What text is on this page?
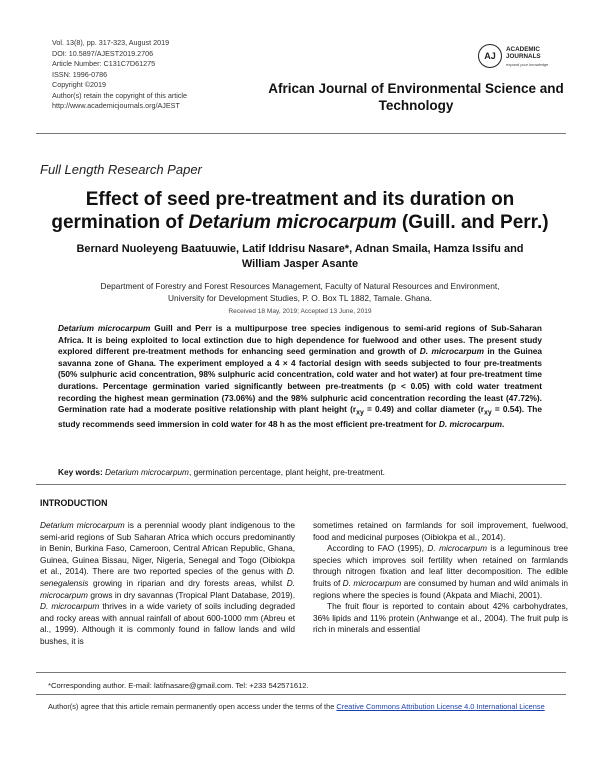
Vol. 13(8), pp. 317-323, August 2019
DOI: 10.5897/AJEST2019.2706
Article Number: C131C7D61275
ISSN: 1996-0786
Copyright ©2019
Author(s) retain the copyright of this article
http://www.academicjournals.org/AJEST
AJ
ACADEMIC
JOURNALS
expand your knowledge
African Journal of Environmental Science and
Technology
Full Length Research Paper
Effect of seed pre-treatment and its duration on
germination of Detarium microcarpum (Guill. and Perr.)
Bernard Nuoleyeng Baatuuwie, Latif Iddrisu Nasare*, Adnan Smaila, Hamza Issifu and
William Jasper Asante
Department of Forestry and Forest Resources Management, Faculty of Natural Resources and Environment,
University for Development Studies, P. O. Box TL 1882, Tamale. Ghana.
Received 18 May, 2019; Accepted 13 June, 2019
Detarium microcarpum Guill and Perr is a multipurpose tree species indigenous to semi-arid regions of Sub-Saharan Africa. It is being exploited to local extinction due to high dependence for fuelwood and other uses. The present study explored different pre-treatment methods for enhancing seed germination and growth of D. microcarpum in the Guinea savanna zone of Ghana. The experiment employed a 4 × 4 factorial design with seeds subjected to four pre-treatments (50% sulphuric acid concentration, 98% sulphuric acid concentration, cold water and hot water) at four pre-treatment time durations. Percentage germination varied significantly between pre-treatments (p < 0.05) with cold water treatment recording the highest mean germination (73.06%) and the 98% sulphuric acid concentration recording the least (47.72%). Germination rate had a moderate positive relationship with plant height $(r_{xy} = 0.49)$ and collar diameter $(r_{xy} = 0.54)$. The study recommends seed immersion in cold water for 48 h as the most efficient pre-treatment for D. microcarpum.
Key words: Detarium microcarpum, germination percentage, plant height, pre-treatment.
INTRODUCTION

Detarium microcarpum is a perennial woody plant indigenous to the semi-arid regions of Sub Saharan Africa which occurs predominantly in Benin, Burkina Faso, Cameroon, Central African Republic, Ghana, Guinea, Guinea Bissau, Niger, Nigeria, Senegal and Togo (Oibiokpa et al., 2014). There are two reported species of the genus with D. senegalensis growing in riparian and dry forests areas, whilst D. microcarpum grows in dry savannas (Tropical Plant Database, 2019). D. microcarpum thrives in a wide variety of soils including degraded and rocky areas with annual rainfall of about 600-1000 mm (Abreu et al., 1999). Although it is commonly found in fallow lands and wild bushes, it is

sometimes retained on farmlands for soil improvement, fuelwood, food and medicinal purposes (Oibiokpa et al., 2014).

According to FAO (1995), D. microcarpum is a leguminous tree species which improves soil fertility when retained on farmlands through nitrogen fixation and leaf litter decomposition. The edible fruits of D. microcarpum are consumed by human and wild animals in regions where the species is found (Akpata and Miachi, 2001).

The fruit flour is reported to contain about 42% carbohydrates, 36% lipids and 11% protein (Anhwange et al., 2004). The fruit pulp is rich in minerals and essential

*Corresponding author. E-mail: latifnasare@gmail.com. Tel: +233 542571612.
Author(s) agree that this article remain permanently open access under the terms of the Creative Commons Attribution License 4.0 International License
